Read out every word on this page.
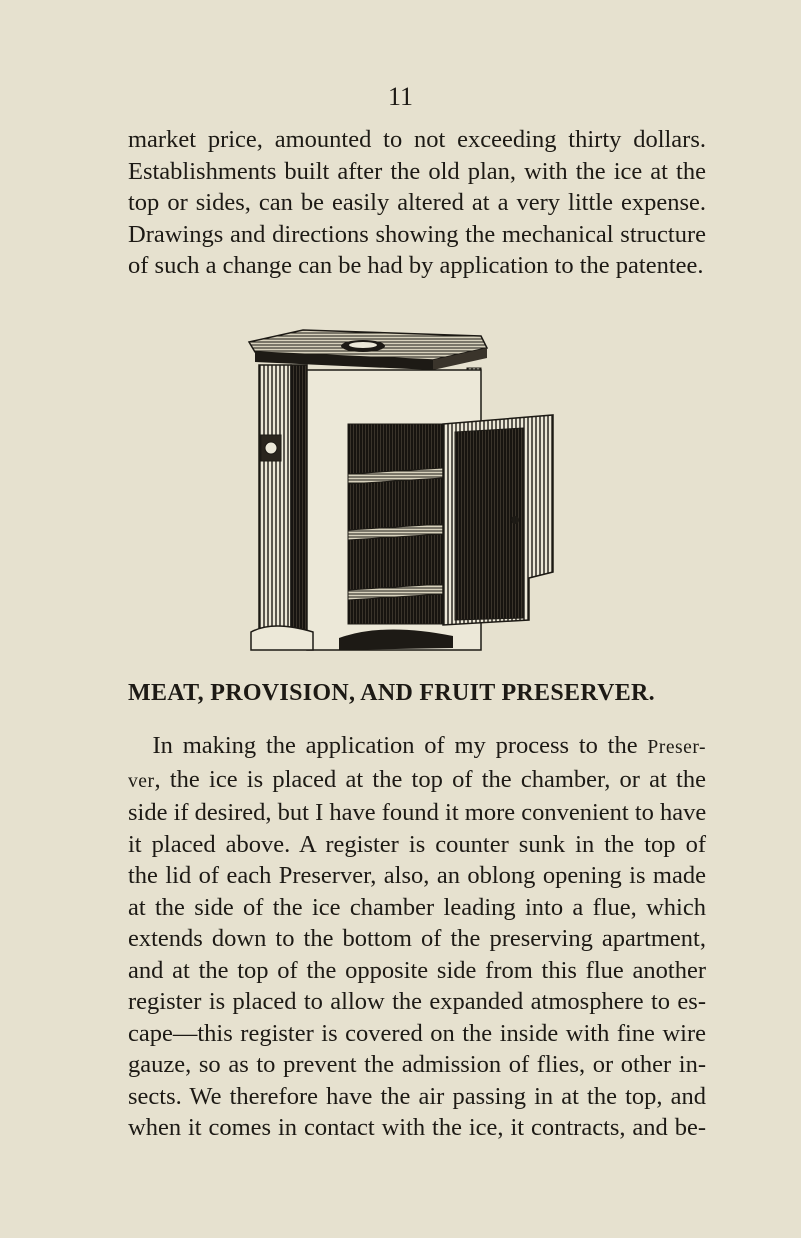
11
market price, amounted to not exceeding thirty dollars.
Establishments built after the old plan, with the ice at the
top or sides, can be easily altered at a very little expense.
Drawings and directions showing the mechanical structure
of such a change can be had by application to the patentee.
MEAT, PROVISION, AND FRUIT PRESERVER.
 In making the application of my process to the Preser-
ver, the ice is placed at the top of the chamber, or at the
side if desired, but I have found it more convenient to have
it placed above. A register is counter sunk in the top of
the lid of each Preserver, also, an oblong opening is made
at the side of the ice chamber leading into a flue, which
extends down to the bottom of the preserving apartment,
and at the top of the opposite side from this flue another
register is placed to allow the expanded atmosphere to es-
cape—this register is covered on the inside with fine wire
gauze, so as to prevent the admission of flies, or other in-
sects. We therefore have the air passing in at the top, and
when it comes in contact with the ice, it contracts, and be-
